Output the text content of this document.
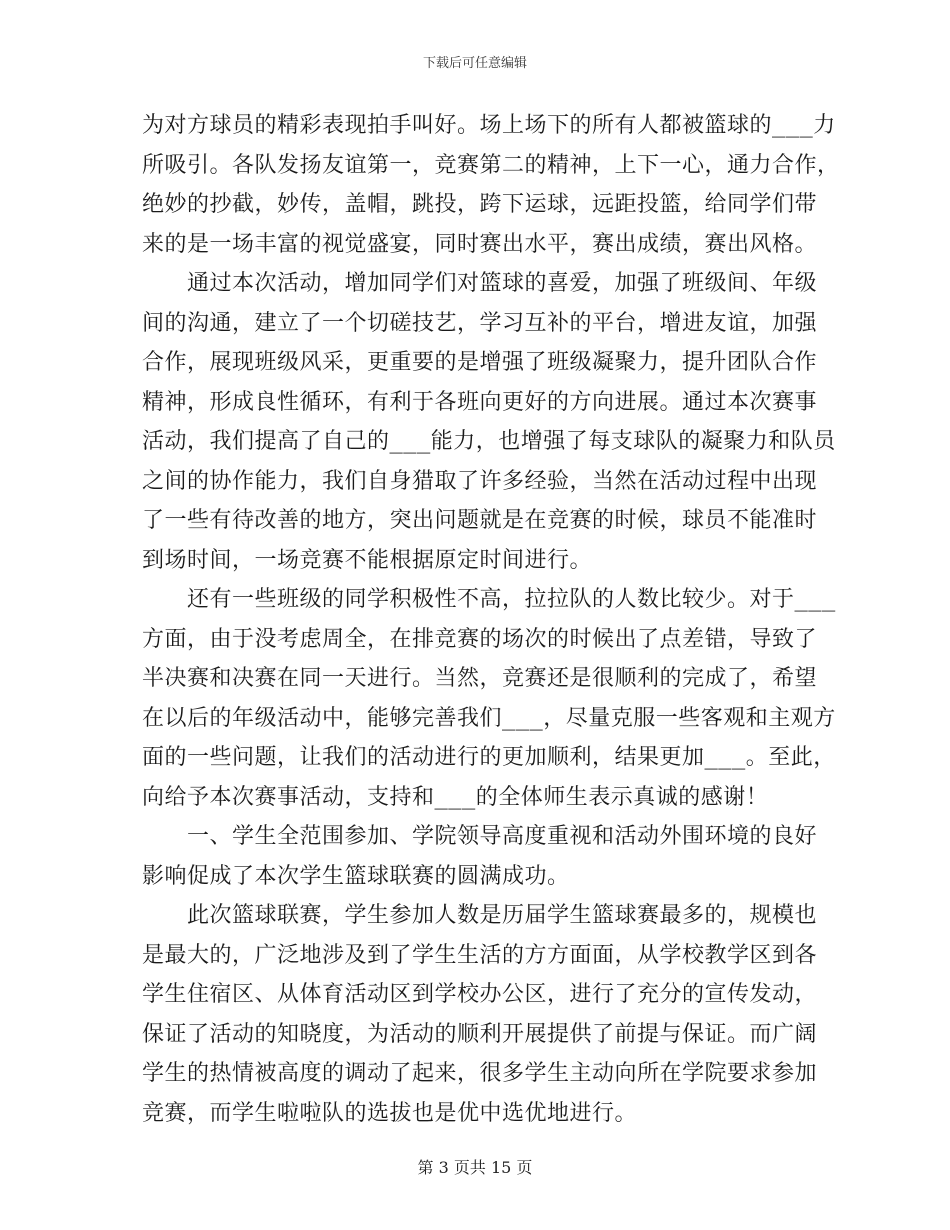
下载后可任意编辑
为对方球员的精彩表现拍手叫好。场上场下的所有人都被篮球的___力
所吸引。各队发扬友谊第一，竞赛第二的精神，上下一心，通力合作，
绝妙的抄截，妙传，盖帽，跳投，跨下运球，远距投篮，给同学们带
来的是一场丰富的视觉盛宴，同时赛出水平，赛出成绩，赛出风格。
　　通过本次活动，增加同学们对篮球的喜爱，加强了班级间、年级
间的沟通，建立了一个切磋技艺，学习互补的平台，增进友谊，加强
合作，展现班级风采，更重要的是增强了班级凝聚力，提升团队合作
精神，形成良性循环，有利于各班向更好的方向进展。通过本次赛事
活动，我们提高了自己的___能力，也增强了每支球队的凝聚力和队员
之间的协作能力，我们自身猎取了许多经验，当然在活动过程中出现
了一些有待改善的地方，突出问题就是在竞赛的时候，球员不能准时
到场时间，一场竞赛不能根据原定时间进行。
　　还有一些班级的同学积极性不高，拉拉队的人数比较少。对于___
方面，由于没考虑周全，在排竞赛的场次的时候出了点差错，导致了
半决赛和决赛在同一天进行。当然，竞赛还是很顺利的完成了，希望
在以后的年级活动中，能够完善我们___，尽量克服一些客观和主观方
面的一些问题，让我们的活动进行的更加顺利，结果更加___。至此，
向给予本次赛事活动，支持和___的全体师生表示真诚的感谢！
　　一、学生全范围参加、学院领导高度重视和活动外围环境的良好
影响促成了本次学生篮球联赛的圆满成功。
　　此次篮球联赛，学生参加人数是历届学生篮球赛最多的，规模也
是最大的，广泛地涉及到了学生生活的方方面面，从学校教学区到各
学生住宿区、从体育活动区到学校办公区，进行了充分的宣传发动，
保证了活动的知晓度，为活动的顺利开展提供了前提与保证。而广阔
学生的热情被高度的调动了起来，很多学生主动向所在学院要求参加
竞赛，而学生啦啦队的选拔也是优中选优地进行。
第 3 页共 15 页
